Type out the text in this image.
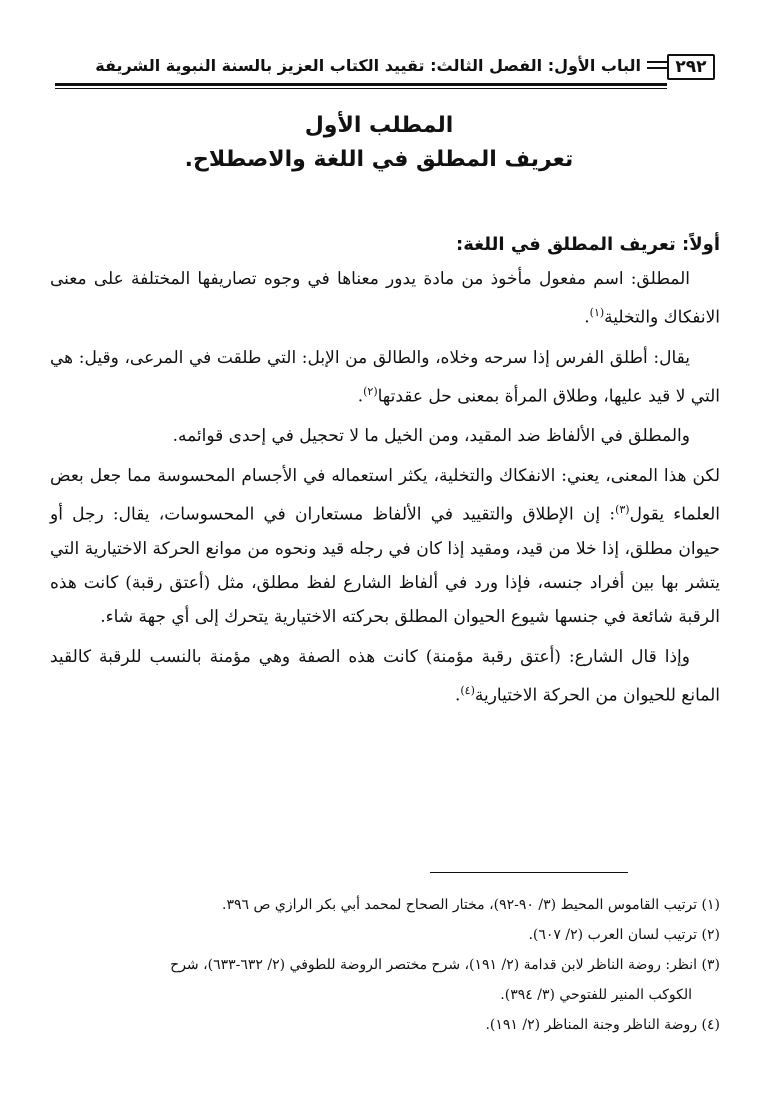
٢٩٢
الباب الأول: الفصل الثالث: تقييد الكتاب العزيز بالسنة النبوية الشريفة
المطلب الأول
تعريف المطلق في اللغة والاصطلاح.
أولاً: تعريف المطلق في اللغة:

المطلق: اسم مفعول مأخوذ من مادة يدور معناها في وجوه تصاريفها المختلفة على معنى الانفكاك والتخلية$^{(١)}$.

يقال: أطلق الفرس إذا سرحه وخلاه، والطالق من الإبل: التي طلقت في المرعى، وقيل: هي التي لا قيد عليها، وطلاق المرأة بمعنى حل عقدتها$^{(٢)}$.

والمطلق في الألفاظ ضد المقيد، ومن الخيل ما لا تحجيل في إحدى قوائمه.

لكن هذا المعنى، يعني: الانفكاك والتخلية، يكثر استعماله في الأجسام المحسوسة مما جعل بعض العلماء يقول$^{(٣)}$: إن الإطلاق والتقييد في الألفاظ مستعاران في المحسوسات، يقال: رجل أو حيوان مطلق، إذا خلا من قيد، ومقيد إذا كان في رجله قيد ونحوه من موانع الحركة الاختيارية التي يتشر بها بين أفراد جنسه، فإذا ورد في ألفاظ الشارع لفظ مطلق، مثل (أعتق رقبة) كانت هذه الرقبة شائعة في جنسها شيوع الحيوان المطلق بحركته الاختيارية يتحرك إلى أي جهة شاء.

وإذا قال الشارع: (أعتق رقبة مؤمنة) كانت هذه الصفة وهي مؤمنة بالنسب للرقبة كالقيد المانع للحيوان من الحركة الاختيارية$^{(٤)}$.

(١) ترتيب القاموس المحيط (٣/ ٩٠-٩٢)، مختار الصحاح لمحمد أبي بكر الرازي ص ٣٩٦.

(٢) ترتيب لسان العرب (٢/ ٦٠٧).

(٣) انظر: روضة الناظر لابن قدامة (٢/ ١٩١)، شرح مختصر الروضة للطوفي (٢/ ٦٣٢-٦٣٣)، شرح

الكوكب المنير للفتوحي (٣/ ٣٩٤).

(٤) روضة الناظر وجنة المناظر (٢/ ١٩١).
